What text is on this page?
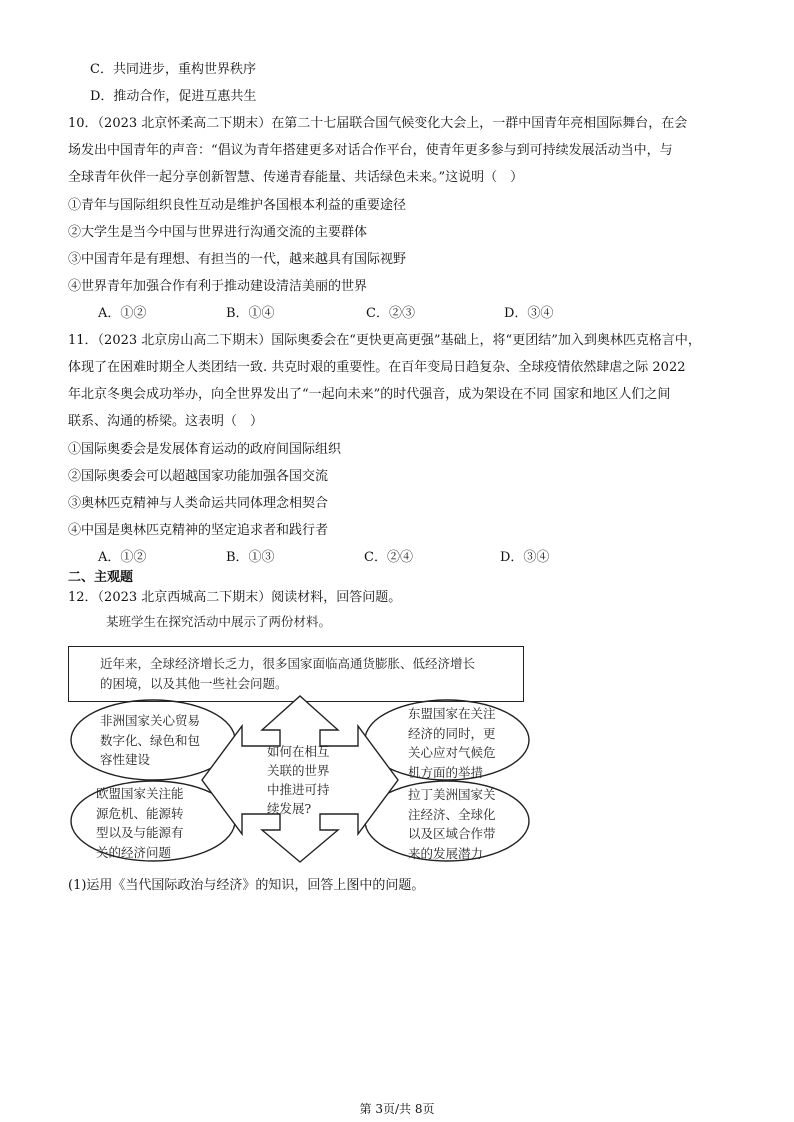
C．共同进步，重构世界秩序
D．推动合作，促进互惠共生
10．（2023 北京怀柔高二下期末）在第二十七届联合国气候变化大会上，一群中国青年亮相国际舞台，在会
场发出中国青年的声音：“倡议为青年搭建更多对话合作平台，使青年更多参与到可持续发展活动当中，与
全球青年伙伴一起分享创新智慧、传递青春能量、共话绿色未来。”这说明（　）
①青年与国际组织良性互动是维护各国根本利益的重要途径
②大学生是当今中国与世界进行沟通交流的主要群体
③中国青年是有理想、有担当的一代，越来越具有国际视野
④世界青年加强合作有利于推动建设清洁美丽的世界
A．①②	B．①④	C．②③	D．③④
11．（2023 北京房山高二下期末）国际奥委会在“更快更高更强”基础上，将“更团结”加入到奥林匹克格言中，
体现了在困难时期全人类团结一致. 共克时艰的重要性。在百年变局日趋复杂、全球疫情依然肆虐之际 2022
年北京冬奥会成功举办，向全世界发出了“一起向未来”的时代强音，成为架设在不同 国家和地区人们之间
联系、沟通的桥梁。这表明（　）
①国际奥委会是发展体育运动的政府间国际组织
②国际奥委会可以超越国家功能加强各国交流
③奥林匹克精神与人类命运共同体理念相契合
④中国是奥林匹克精神的坚定追求者和践行者
A．①②	B．①③	C．②④	D．③④
二、主观题
12．（2023 北京西城高二下期末）阅读材料，回答问题。
某班学生在探究活动中展示了两份材料。
近年来，全球经济增长乏力，很多国家面临高通货膨胀、低经济增长
的困境，以及其他一些社会问题。
非洲国家关心贸易
数字化、绿色和包
容性建设
东盟国家在关注
经济的同时，更
关心应对气候危
机方面的举措
欧盟国家关注能
源危机、能源转
型以及与能源有
关的经济问题
拉丁美洲国家关
注经济、全球化
以及区域合作带
来的发展潜力
如何在相互
关联的世界
中推进可持
续发展?
(1)运用《当代国际政治与经济》的知识，回答上图中的问题。
第 3页/共 8页
